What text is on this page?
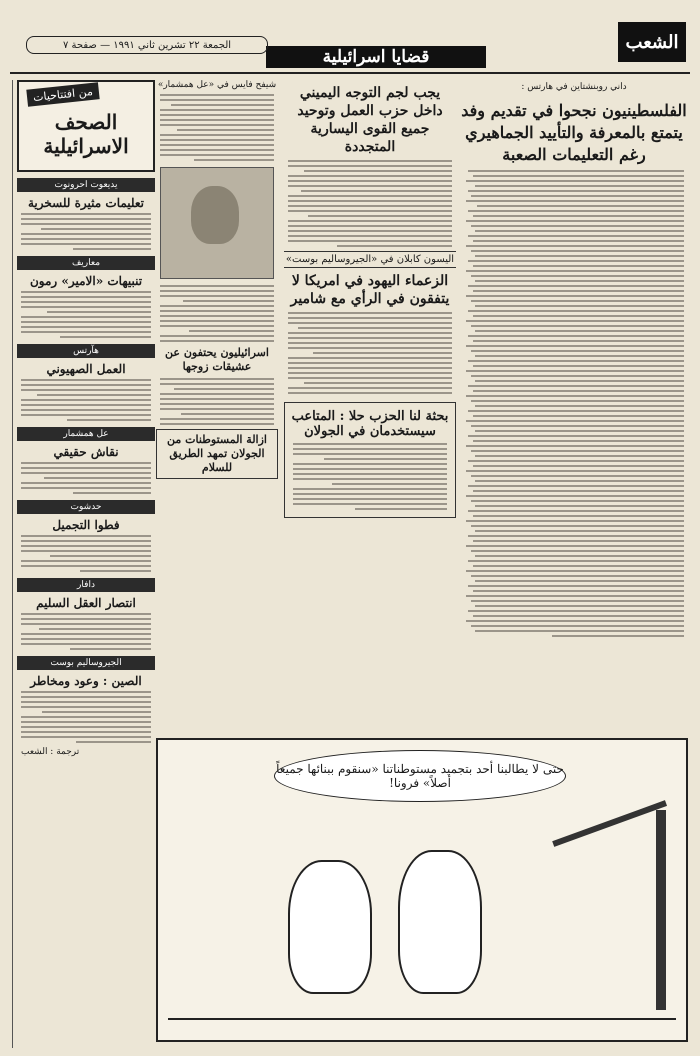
الشعب
قضايا اسرائيلية
الجمعة ٢٢ تشرين ثاني ١٩٩١ — صفحة ٧
داني روبنشتاين في هارتس :
الفلسطينيون نجحوا في تقديم وفد يتمتع بالمعرفة والتأييد الجماهيري رغم التعليمات الصعبة
يجب لجم التوجه اليميني داخل حزب العمل وتوحيد جميع القوى اليسارية المتجددة
اليسون كابلان في «الجيروساليم بوست»
الزعماء اليهود في امريكا لا يتفقون في الرأي مع شامير
بحثة لنا الحزب حلا : المتاعب سيستخدمان في الجولان
شيفح فايس في «عل همشمار»
اسرائيليون يحتفون عن عشيقات زوجها
ازالة المستوطنات من الجولان تمهد الطريق للسلام
من افتتاحيات
الصحف الاسرائيلية
يديعوت احرونوت
تعليمات مثيرة للسخرية
معاريف
تنبيهات «الامير» رمون
هآرتس
العمل الصهيوني
عل همشمار
نقاش حقيقي
حدشوت
فطوا التجميل
دافار
انتصار العقل السليم
الجيروساليم بوست
الصين : وعود ومخاطر
ترجمة : الشعب
حتى لا يطالبنا أحد بتجميد مستوطناتنا «سنقوم ببنائها جميعاً أصلاً» فرونا!
